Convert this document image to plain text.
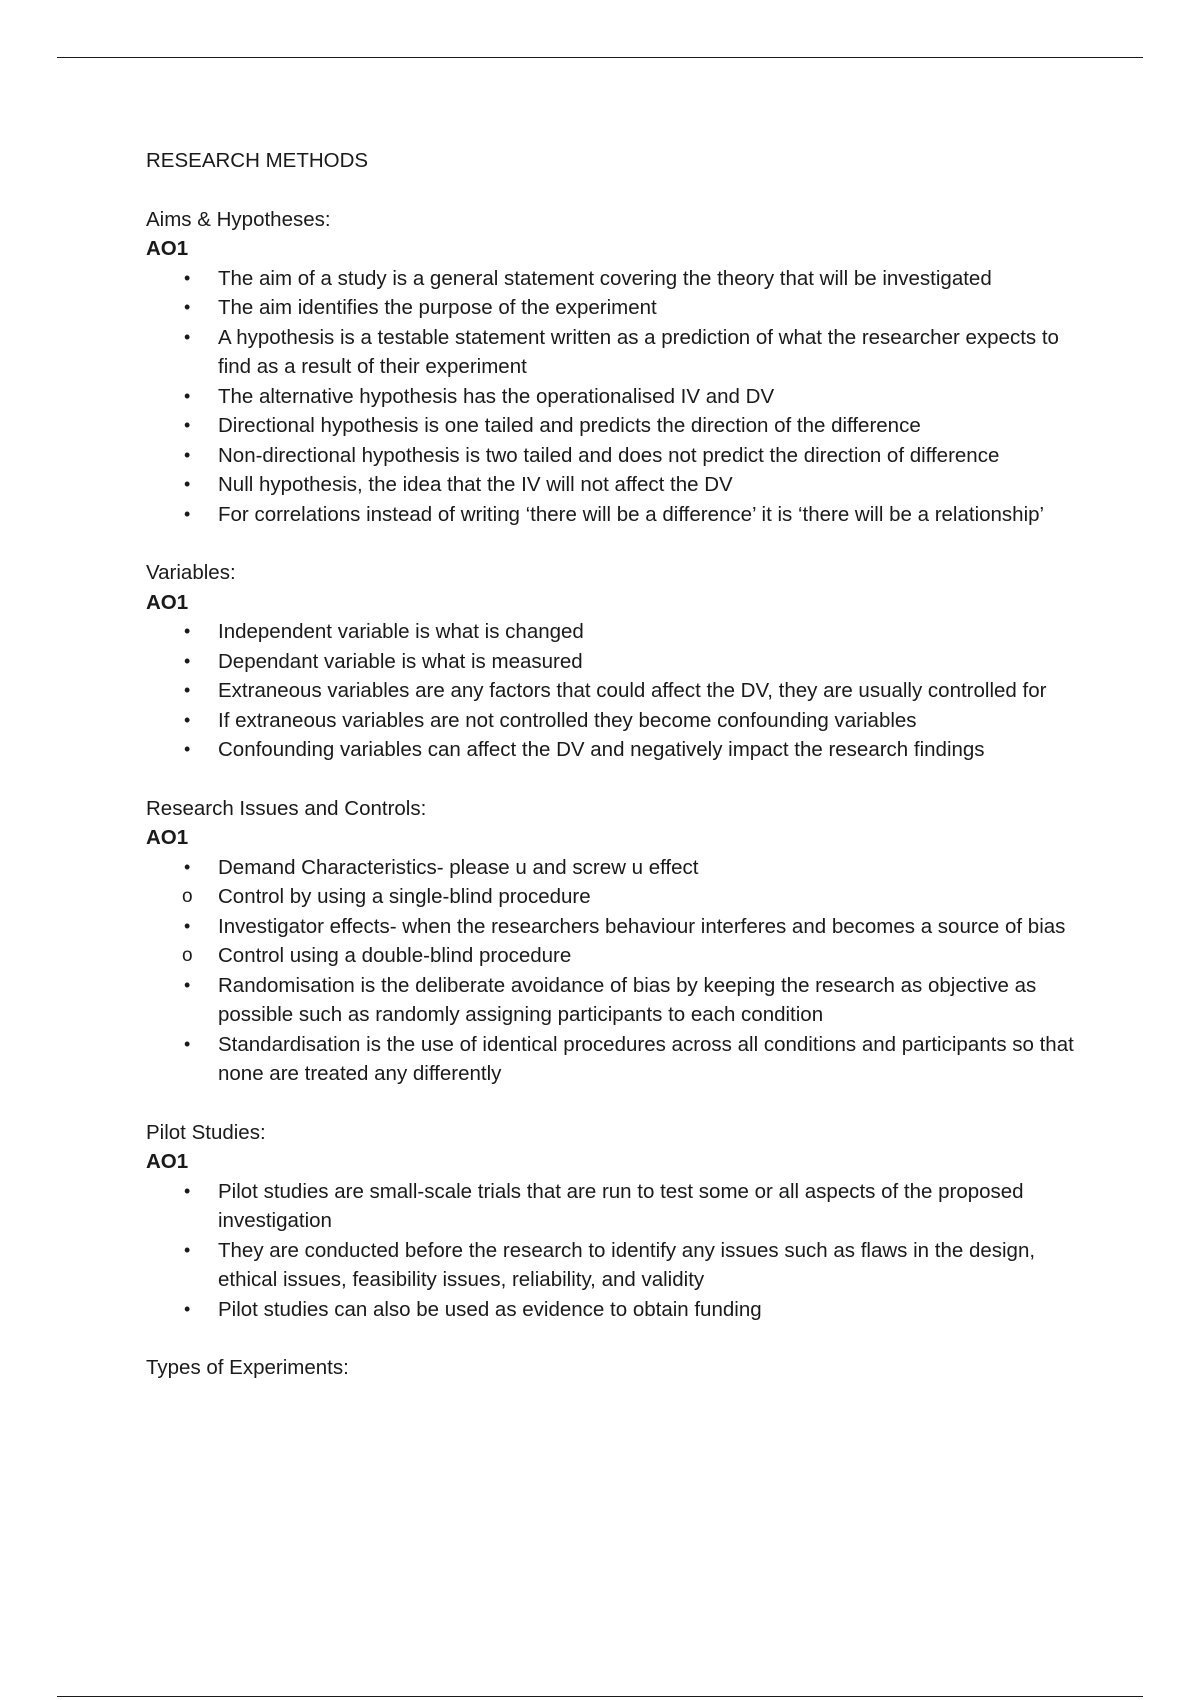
RESEARCH METHODS
Aims & Hypotheses:
AO1
• The aim of a study is a general statement covering the theory that will be investigated
• The aim identifies the purpose of the experiment
• A hypothesis is a testable statement written as a prediction of what the researcher expects to find as a result of their experiment
• The alternative hypothesis has the operationalised IV and DV
• Directional hypothesis is one tailed and predicts the direction of the difference
• Non-directional hypothesis is two tailed and does not predict the direction of difference
• Null hypothesis, the idea that the IV will not affect the DV
• For correlations instead of writing ‘there will be a difference’ it is ‘there will be a relationship’
Variables:
AO1
• Independent variable is what is changed
• Dependant variable is what is measured
• Extraneous variables are any factors that could affect the DV, they are usually controlled for
• If extraneous variables are not controlled they become confounding variables
• Confounding variables can affect the DV and negatively impact the research findings
Research Issues and Controls:
AO1
• Demand Characteristics- please u and screw u effect
o Control by using a single-blind procedure
• Investigator effects- when the researchers behaviour interferes and becomes a source of bias
o Control using a double-blind procedure
• Randomisation is the deliberate avoidance of bias by keeping the research as objective as possible such as randomly assigning participants to each condition
• Standardisation is the use of identical procedures across all conditions and participants so that none are treated any differently
Pilot Studies:
AO1
• Pilot studies are small-scale trials that are run to test some or all aspects of the proposed investigation
• They are conducted before the research to identify any issues such as flaws in the design, ethical issues, feasibility issues, reliability, and validity
• Pilot studies can also be used as evidence to obtain funding
Types of Experiments:
